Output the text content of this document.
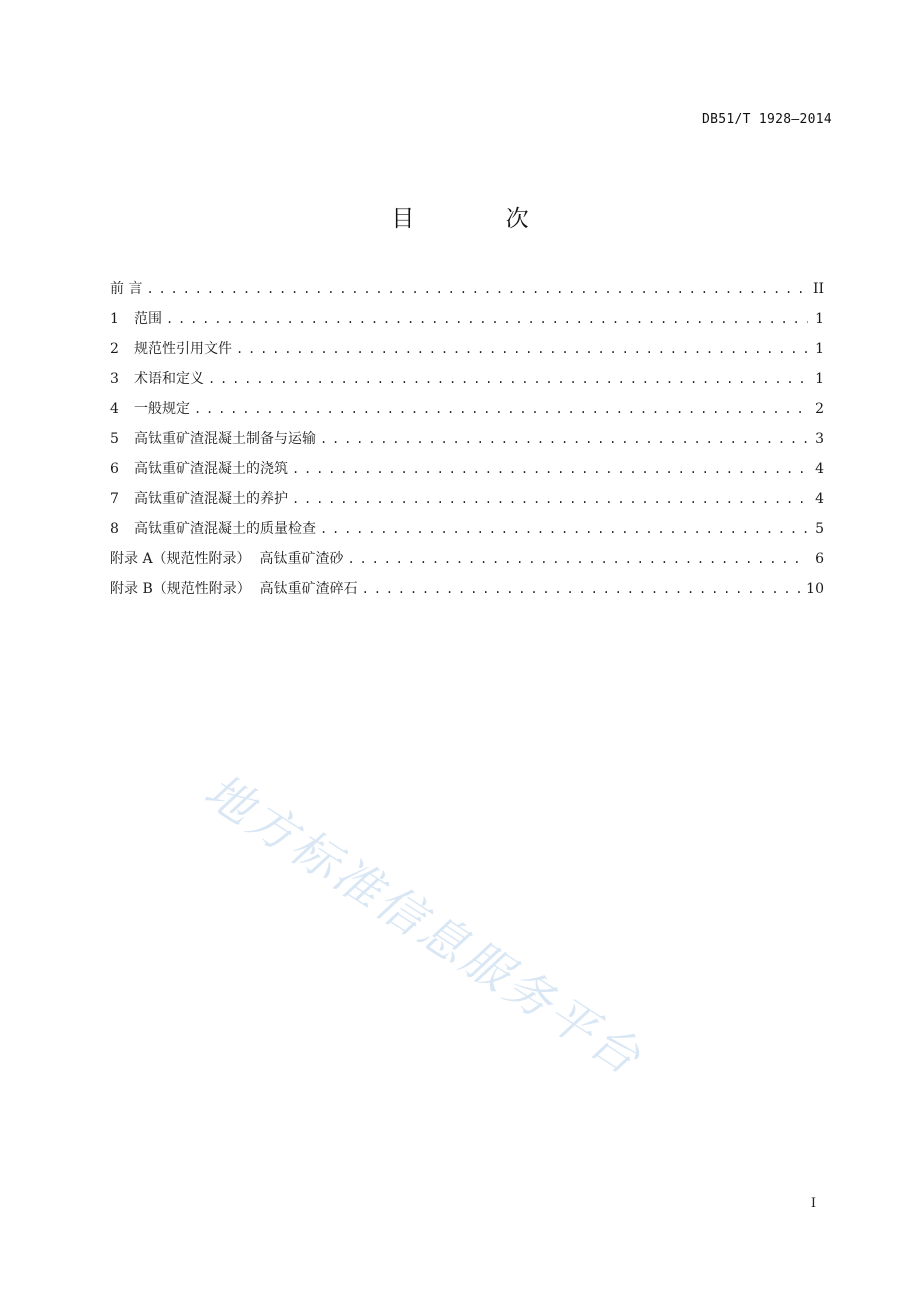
DB51/T 1928—2014
目 次
前 言 . . .	II
1 范围 . . .	1
2 规范性引用文件 . . .	1
3 术语和定义 . . .	1
4 一般规定 . . .	2
5 高钛重矿渣混凝土制备与运输 . . .	3
6 高钛重矿渣混凝土的浇筑 . . .	4
7 高钛重矿渣混凝土的养护 . . .	4
8 高钛重矿渣混凝土的质量检查 . . .	5
附录 A（规范性附录）  高钛重矿渣砂 . . .	6
附录 B（规范性附录）  高钛重矿渣碎石 . . .	10
地方标准信息服务平台
I
